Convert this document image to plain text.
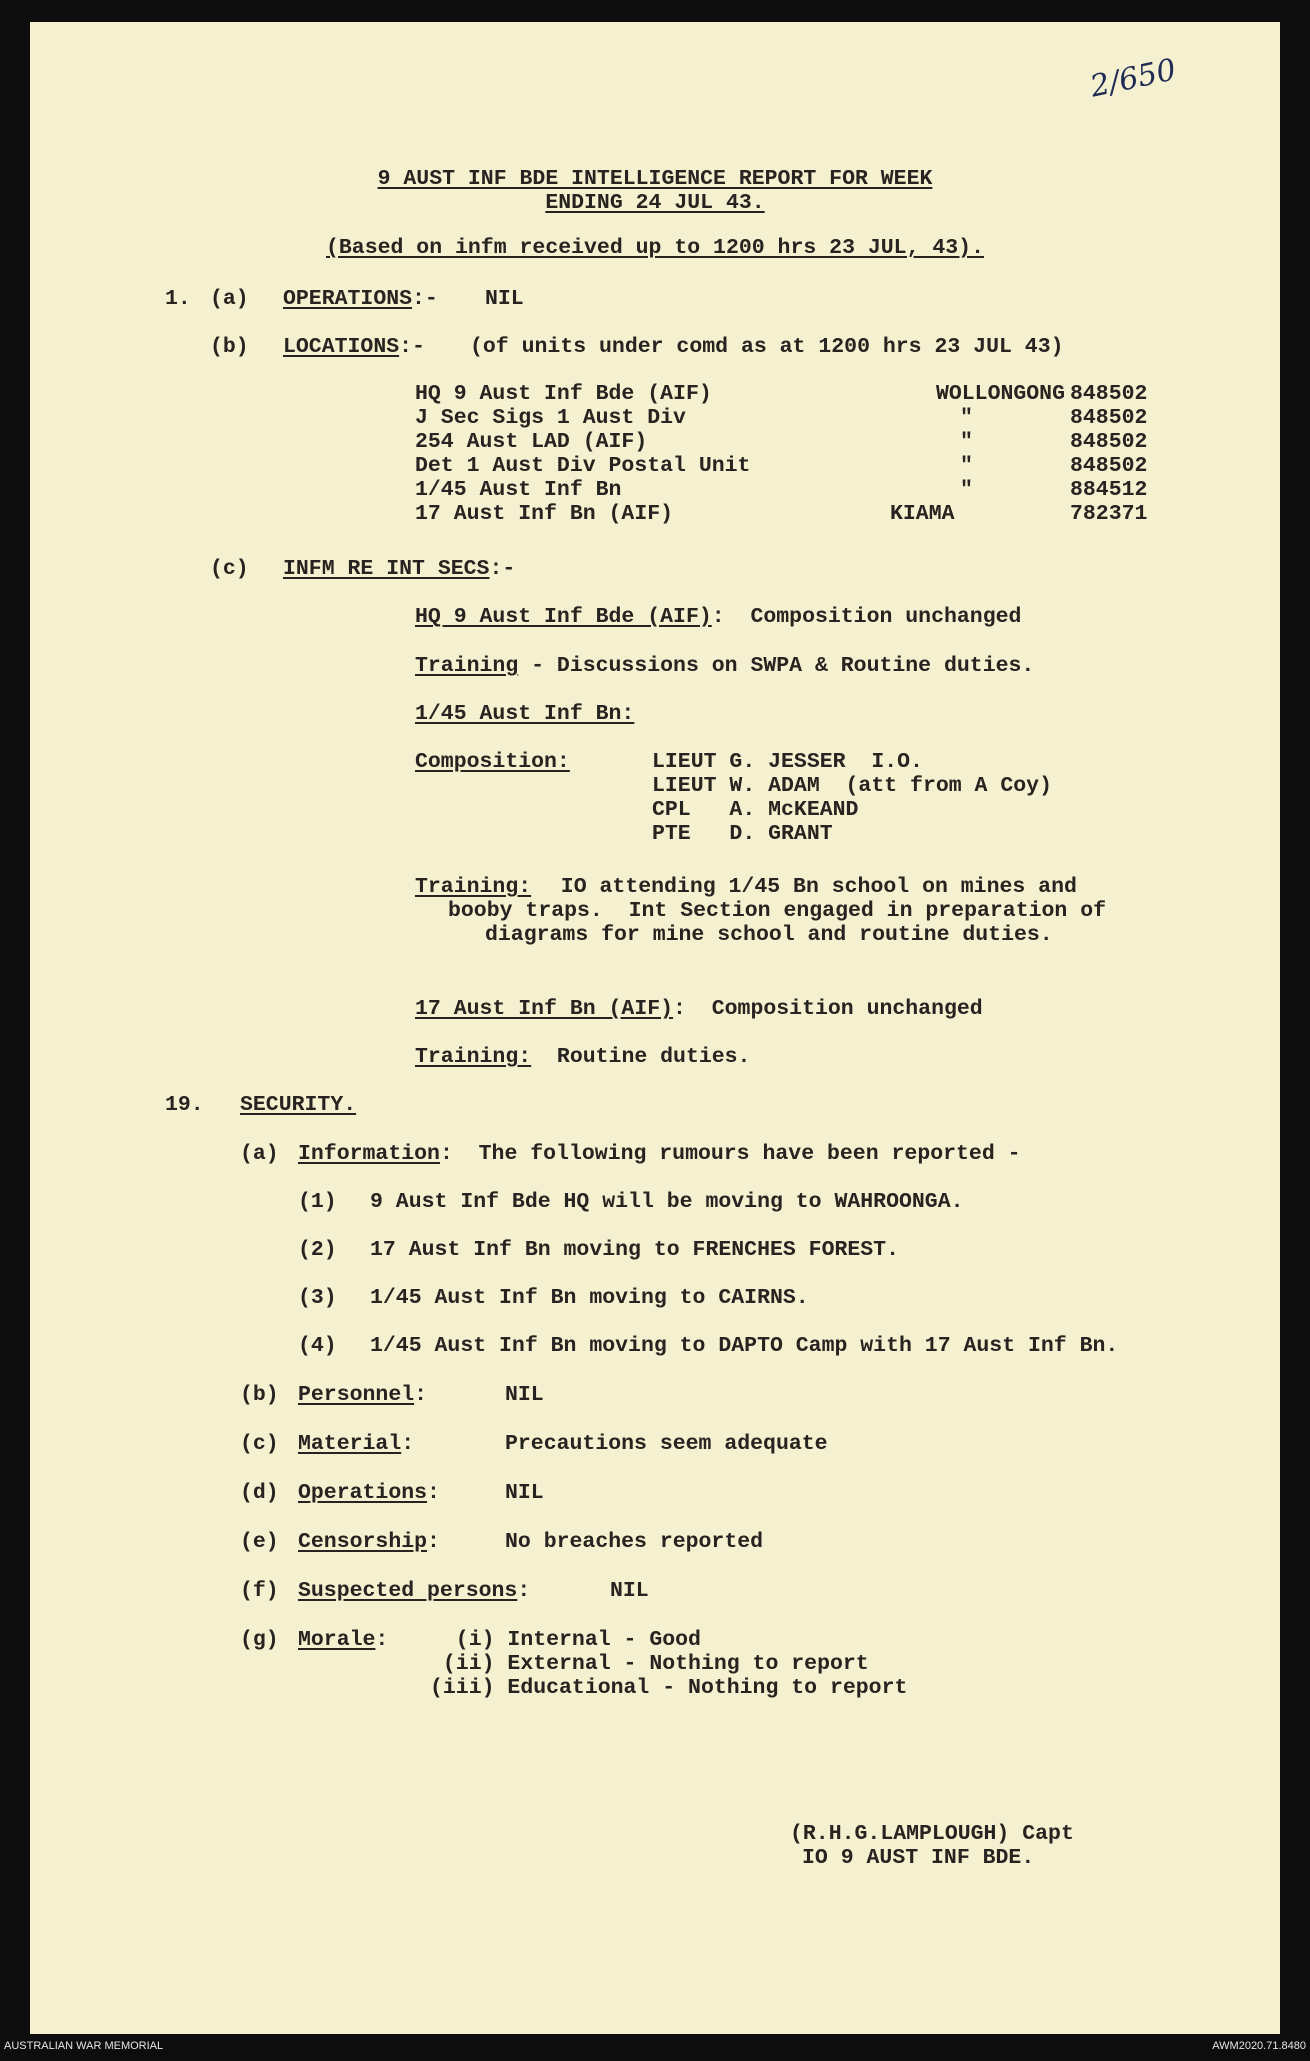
2/650
9 AUST INF BDE INTELLIGENCE REPORT FOR WEEK
ENDING 24 JUL 43.
(Based on infm received up to 1200 hrs 23 JUL, 43).
1. (a) OPERATIONS:- NIL
(b) LOCATIONS:- (of units under comd as at 1200 hrs 23 JUL 43)
HQ 9 Aust Inf Bde (AIF)	WOLLONGONG 848502
J Sec Sigs 1 Aust Div	"	848502
254 Aust LAD (AIF)	"	848502
Det 1 Aust Div Postal Unit	"	848502
1/45 Aust Inf Bn	"	884512
17 Aust Inf Bn (AIF)	KIAMA	782371
(c) INFM RE INT SECS:-
HQ 9 Aust Inf Bde (AIF):  Composition unchanged
Training - Discussions on SWPA & Routine duties.
1/45 Aust Inf Bn:
Composition:	LIEUT G. JESSER  I.O.
LIEUT W. ADAM  (att from A Coy)
CPL   A. McKEAND
PTE   D. GRANT
Training: IO attending 1/45 Bn school on mines and
booby traps.  Int Section engaged in preparation of
diagrams for mine school and routine duties.
17 Aust Inf Bn (AIF):  Composition unchanged
Training:  Routine duties.
19. SECURITY.
(a) Information:  The following rumours have been reported -
(1) 9 Aust Inf Bde HQ will be moving to WAHROONGA.
(2) 17 Aust Inf Bn moving to FRENCHES FOREST.
(3) 1/45 Aust Inf Bn moving to CAIRNS.
(4) 1/45 Aust Inf Bn moving to DAPTO Camp with 17 Aust Inf Bn.
(b) Personnel:	NIL
(c) Material:	Precautions seem adequate
(d) Operations:	NIL
(e) Censorship:	No breaches reported
(f) Suspected persons:	NIL
(g) Morale: (i) Internal - Good
(ii) External - Nothing to report
(iii) Educational - Nothing to report
(R.H.G.LAMPLOUGH) Capt
IO 9 AUST INF BDE.
AUSTRALIAN WAR MEMORIAL	AWM2020.71.8480
